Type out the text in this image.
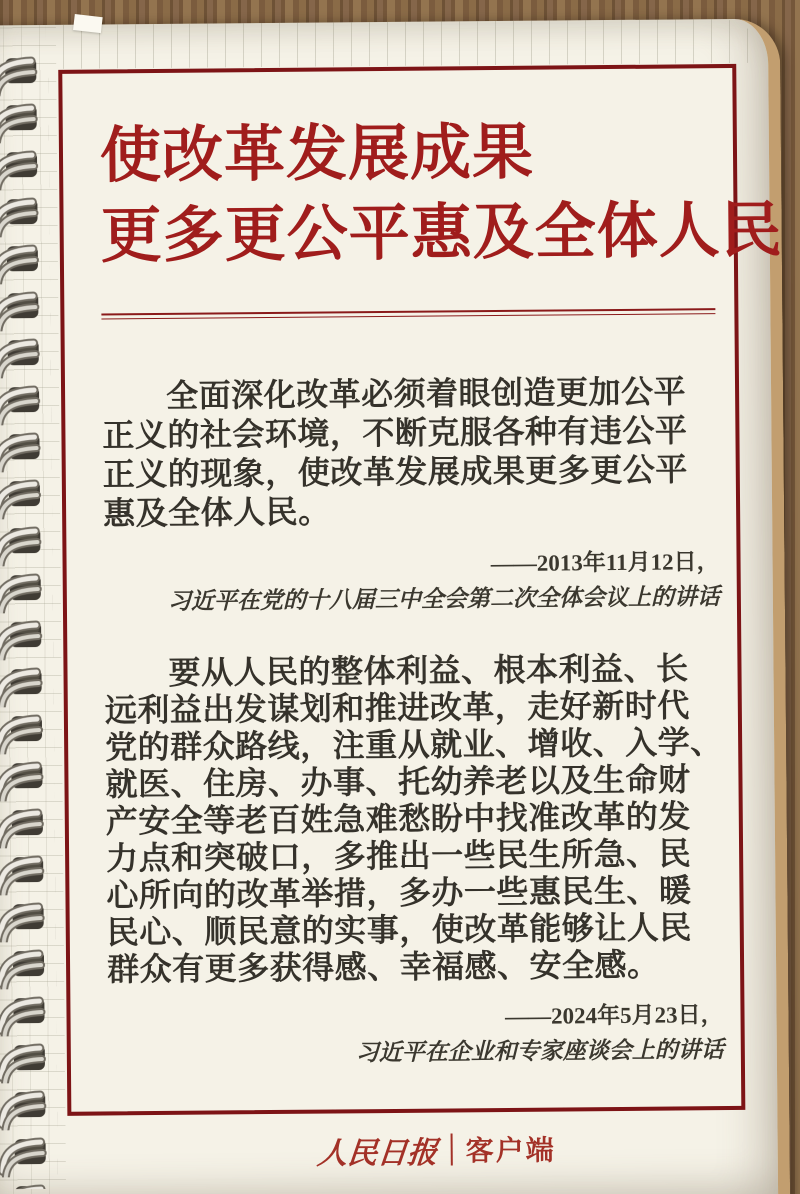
使改革发展成果
更多更公平惠及全体人民

全面深化改革必须着眼创造更加公平
正义的社会环境，不断克服各种有违公平
正义的现象，使改革发展成果更多更公平
惠及全体人民。

——2013年11月12日，
习近平在党的十八届三中全会第二次全体会议上的讲话

要从人民的整体利益、根本利益、长
远利益出发谋划和推进改革，走好新时代
党的群众路线，注重从就业、增收、入学、
就医、住房、办事、托幼养老以及生命财
产安全等老百姓急难愁盼中找准改革的发
力点和突破口，多推出一些民生所急、民
心所向的改革举措，多办一些惠民生、暖
民心、顺民意的实事，使改革能够让人民
群众有更多获得感、幸福感、安全感。

——2024年5月23日，
习近平在企业和专家座谈会上的讲话
人民日报 客户端
